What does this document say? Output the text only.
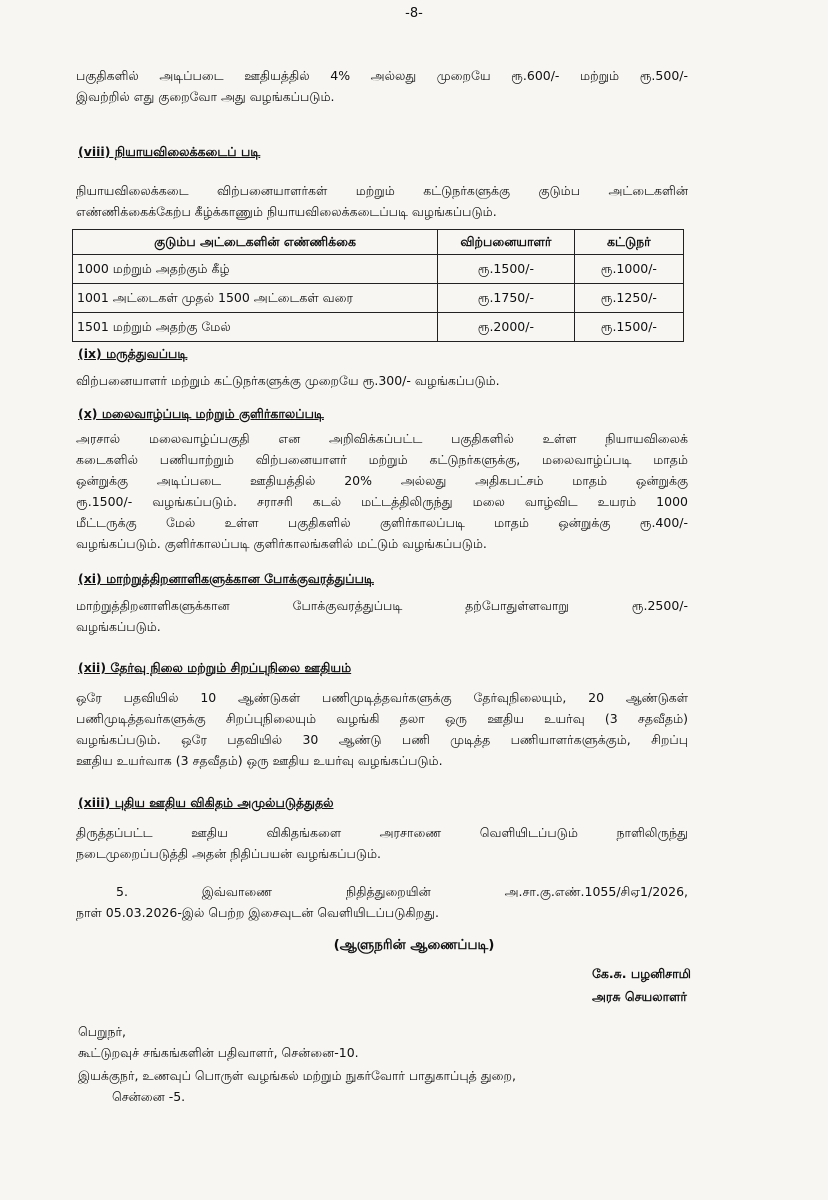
-8-
பகுதிகளில் அடிப்படை ஊதியத்தில் 4% அல்லது முறையே ரூ.600/- மற்றும் ரூ.500/-
இவற்றில் எது குறைவோ அது வழங்கப்படும்.
(viii) நியாயவிலைக்கடைப் படி
நியாயவிலைக்கடை விற்பனையாளர்கள் மற்றும் கட்டுநர்களுக்கு குடும்ப அட்டைகளின்
எண்ணிக்கைக்கேற்ப கீழ்க்காணும் நியாயவிலைக்கடைப்படி வழங்கப்படும்.
குடும்ப அட்டைகளின் எண்ணிக்கை	விற்பனையாளர்	கட்டுநர்
1000 மற்றும் அதற்கும் கீழ்	ரூ.1500/-	ரூ.1000/-
1001 அட்டைகள் முதல் 1500 அட்டைகள் வரை	ரூ.1750/-	ரூ.1250/-
1501 மற்றும் அதற்கு மேல்	ரூ.2000/-	ரூ.1500/-
(ix) மருத்துவப்படி
விற்பனையாளர் மற்றும் கட்டுநர்களுக்கு முறையே ரூ.300/- வழங்கப்படும்.
(x) மலைவாழ்ப்படி மற்றும் குளிர்காலப்படி
அரசால் மலைவாழ்ப்பகுதி என அறிவிக்கப்பட்ட பகுதிகளில் உள்ள நியாயவிலைக்
கடைகளில் பணியாற்றும் விற்பனையாளர் மற்றும் கட்டுநர்களுக்கு, மலைவாழ்ப்படி மாதம்
ஒன்றுக்கு அடிப்படை ஊதியத்தில் 20% அல்லது அதிகபட்சம் மாதம் ஒன்றுக்கு
ரூ.1500/- வழங்கப்படும். சராசரி கடல் மட்டத்திலிருந்து மலை வாழ்விட உயரம் 1000
மீட்டருக்கு மேல் உள்ள பகுதிகளில் குளிர்காலப்படி மாதம் ஒன்றுக்கு ரூ.400/-
வழங்கப்படும். குளிர்காலப்படி குளிர்காலங்களில் மட்டும் வழங்கப்படும்.
(xi) மாற்றுத்திறனாளிகளுக்கான போக்குவரத்துப்படி
மாற்றுத்திறனாளிகளுக்கான போக்குவரத்துப்படி தற்போதுள்ளவாறு ரூ.2500/-
வழங்கப்படும்.
(xii) தேர்வு நிலை மற்றும் சிறப்புநிலை ஊதியம்
ஒரே பதவியில் 10 ஆண்டுகள் பணிமுடித்தவர்களுக்கு தேர்வுநிலையும், 20 ஆண்டுகள்
பணிமுடித்தவர்களுக்கு சிறப்புநிலையும் வழங்கி தலா ஒரு ஊதிய உயர்வு (3 சதவீதம்)
வழங்கப்படும். ஒரே பதவியில் 30 ஆண்டு பணி முடித்த பணியாளர்களுக்கும், சிறப்பு
ஊதிய உயர்வாக (3 சதவீதம்) ஒரு ஊதிய உயர்வு வழங்கப்படும்.
(xiii) புதிய ஊதிய விகிதம் அமுல்படுத்துதல்
திருத்தப்பட்ட ஊதிய விகிதங்களை அரசாணை வெளியிடப்படும் நாளிலிருந்து
நடைமுறைப்படுத்தி அதன் நிதிப்பயன் வழங்கப்படும்.
5. இவ்வாணை நிதித்துறையின் அ.சா.கு.எண்.1055/சிஏ1/2026,
நாள் 05.03.2026-இல் பெற்ற இசைவுடன் வெளியிடப்படுகிறது.
(ஆளுநரின் ஆணைப்படி)
கே.சு. பழனிசாமி
அரசு செயலாளர்
பெறுநர்,
கூட்டுறவுச் சங்கங்களின் பதிவாளர், சென்னை-10.
இயக்குநர், உணவுப் பொருள் வழங்கல் மற்றும் நுகர்வோர் பாதுகாப்புத் துறை,
சென்னை -5.
